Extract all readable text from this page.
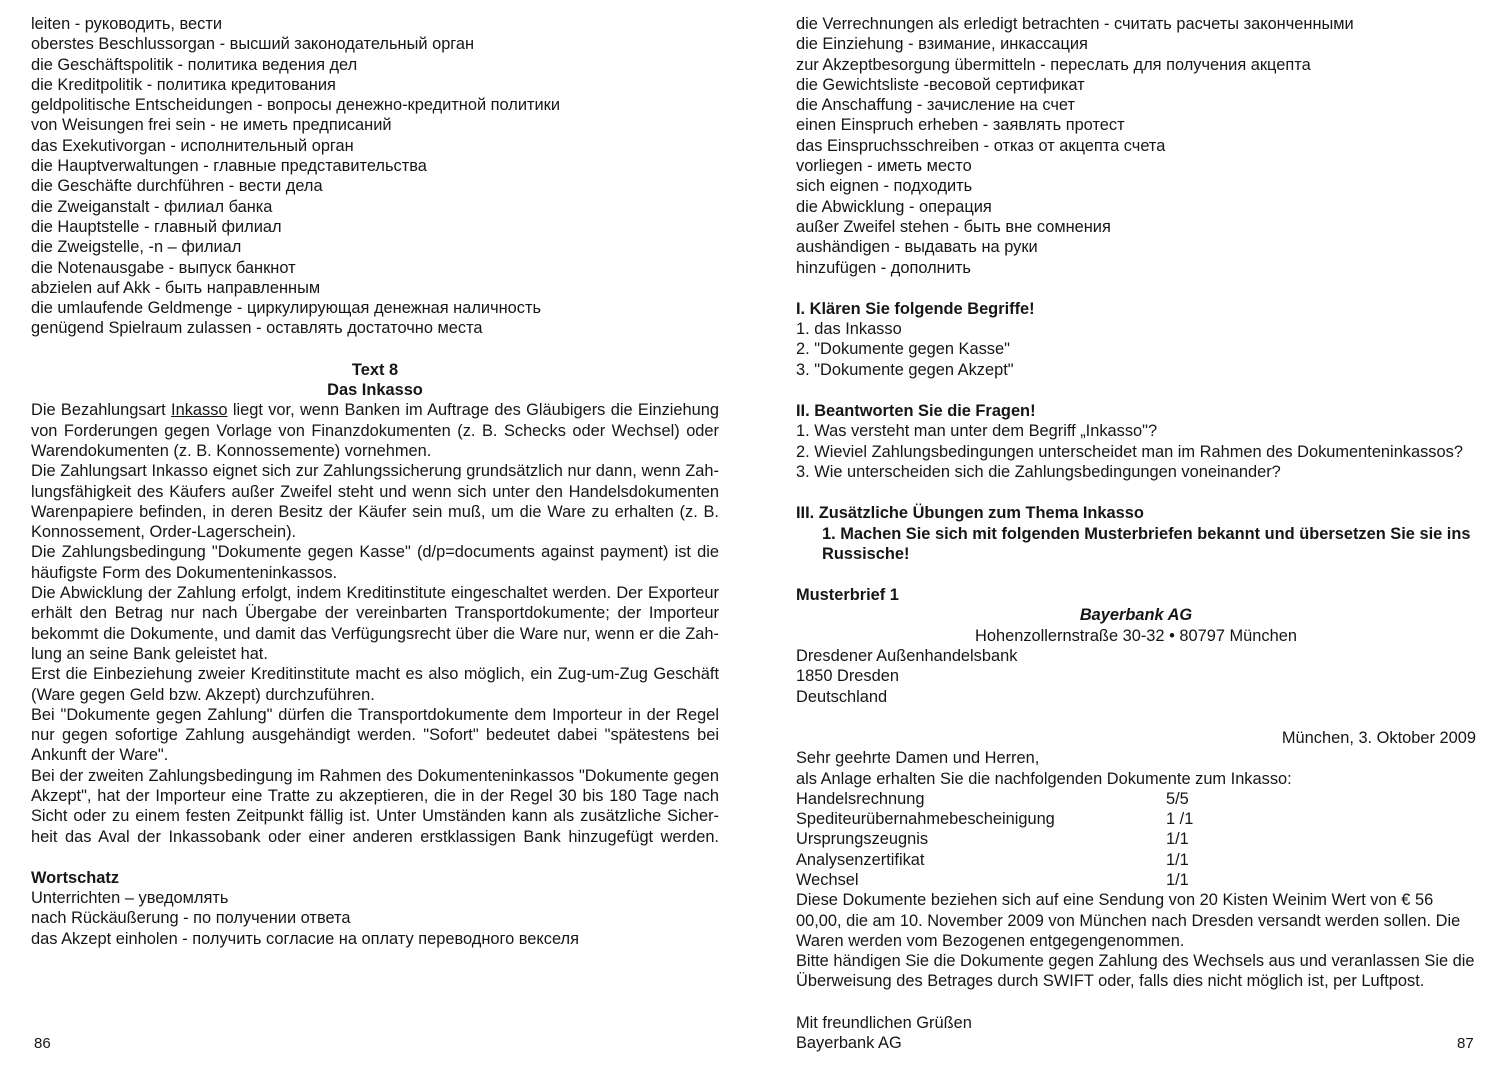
leiten - руководить, вести
oberstes Beschlussorgan - высший законодательный орган
die Geschäftspolitik - политика ведения дел
die Kreditpolitik - политика кредитования
geldpolitische Entscheidungen - вопросы денежно-кредитной политики
von Weisungen frei sein - не иметь предписаний
das Exekutivorgan - исполнительный орган
die Hauptverwaltungen - главные представительства
die Geschäfte durchführen - вести дела
die Zweiganstalt - филиал банка
die Hauptstelle - главный филиал
die Zweigstelle, -n – филиал
die Notenausgabe - выпуск банкнот
abzielen auf Akk - быть направленным
die umlaufende Geldmenge - циркулирующая денежная наличность
genügend Spielraum zulassen - оставлять достаточно места
Text 8
Das Inkasso
Die Bezahlungsart Inkasso liegt vor, wenn Banken im Auftrage des Gläubigers die Einziehung
von Forderungen gegen Vorlage von Finanzdokumenten (z. B. Schecks oder Wechsel) oder
Warendokumenten (z. B. Konnossemente) vornehmen.
Die Zahlungsart Inkasso eignet sich zur Zahlungssicherung grundsätzlich nur dann, wenn Zah-
lungsfähigkeit des Käufers außer Zweifel steht und wenn sich unter den Handelsdokumenten
Warenpapiere befinden, in deren Besitz der Käufer sein muß, um die Ware zu erhalten (z. B.
Konnossement, Order-Lagerschein).
Die Zahlungsbedingung "Dokumente gegen Kasse" (d/p=documents against payment) ist die
häufigste Form des Dokumenteninkassos.
Die Abwicklung der Zahlung erfolgt, indem Kreditinstitute eingeschaltet werden. Der Exporteur
erhält den Betrag nur nach Übergabe der vereinbarten Transportdokumente; der Importeur
bekommt die Dokumente, und damit das Verfügungsrecht über die Ware nur, wenn er die Zah-
lung an seine Bank geleistet hat.
Erst die Einbeziehung zweier Kreditinstitute macht es also möglich, ein Zug-um-Zug Geschäft
(Ware gegen Geld bzw. Akzept) durchzuführen.
Bei "Dokumente gegen Zahlung" dürfen die Transportdokumente dem Importeur in der Regel
nur gegen sofortige Zahlung ausgehändigt werden. "Sofort" bedeutet dabei "spätestens bei
Ankunft der Ware".
Bei der zweiten Zahlungsbedingung im Rahmen des Dokumenteninkassos "Dokumente gegen
Akzept", hat der Importeur eine Tratte zu akzeptieren, die in der Regel 30 bis 180 Tage nach
Sicht oder zu einem festen Zeitpunkt fällig ist. Unter Umständen kann als zusätzliche Sicher-
heit das Aval der Inkassobank oder einer anderen erstklassigen Bank hinzugefügt werden.
Wortschatz
Unterrichten – уведомлять
nach Rückäußerung - по получении ответа
das Akzept einholen - получить согласие на оплату переводного векселя
86
die Verrechnungen als erledigt betrachten - считать расчеты законченными
die Einziehung - взимание, инкассация
zur Akzeptbesorgung übermitteln - переслать для получения акцепта
die Gewichtsliste -весовой сертификат
die Anschaffung - зачисление на счет
einen Einspruch erheben - заявлять протест
das Einspruchsschreiben - отказ от акцепта счета
vorliegen - иметь место
sich eignen - подходить
die Abwicklung - операция
außer Zweifel stehen - быть вне сомнения
aushändigen - выдавать на руки
hinzufügen - дополнить
I. Klären Sie folgende Begriffe!
1. das Inkasso
2. "Dokumente gegen Kasse"
3. "Dokumente gegen Akzept"
II. Beantworten Sie die Fragen!
1. Was versteht man unter dem Begriff „Inkasso"?
2. Wieviel Zahlungsbedingungen unterscheidet man im Rahmen des Dokumenteninkassos?
3. Wie unterscheiden sich die Zahlungsbedingungen voneinander?
III. Zusätzliche Übungen zum Thema Inkasso
1. Machen Sie sich mit folgenden Musterbriefen bekannt und übersetzen Sie sie ins
Russische!
Musterbrief 1
Bayerbank AG
Hohenzollernstraße 30-32 • 80797 München
Dresdener Außenhandelsbank
1850 Dresden
Deutschland
München, 3. Oktober 2009
Sehr geehrte Damen und Herren,
als Anlage erhalten Sie die nachfolgenden Dokumente zum Inkasso:
Handelsrechnung	5/5
Spediteurübernahmebescheinigung	1 /1
Ursprungszeugnis	1/1
Analysenzertifikat	1/1
Wechsel	1/1
Diese Dokumente beziehen sich auf eine Sendung von 20 Kisten Weinim Wert von € 56
00,00, die am 10. November 2009 von München nach Dresden versandt werden sollen. Die
Waren werden vom Bezogenen entgegengenommen.
Bitte händigen Sie die Dokumente gegen Zahlung des Wechsels aus und veranlassen Sie die
Überweisung des Betrages durch SWIFT oder, falls dies nicht möglich ist, per Luftpost.
Mit freundlichen Grüßen
Bayerbank AG	87
